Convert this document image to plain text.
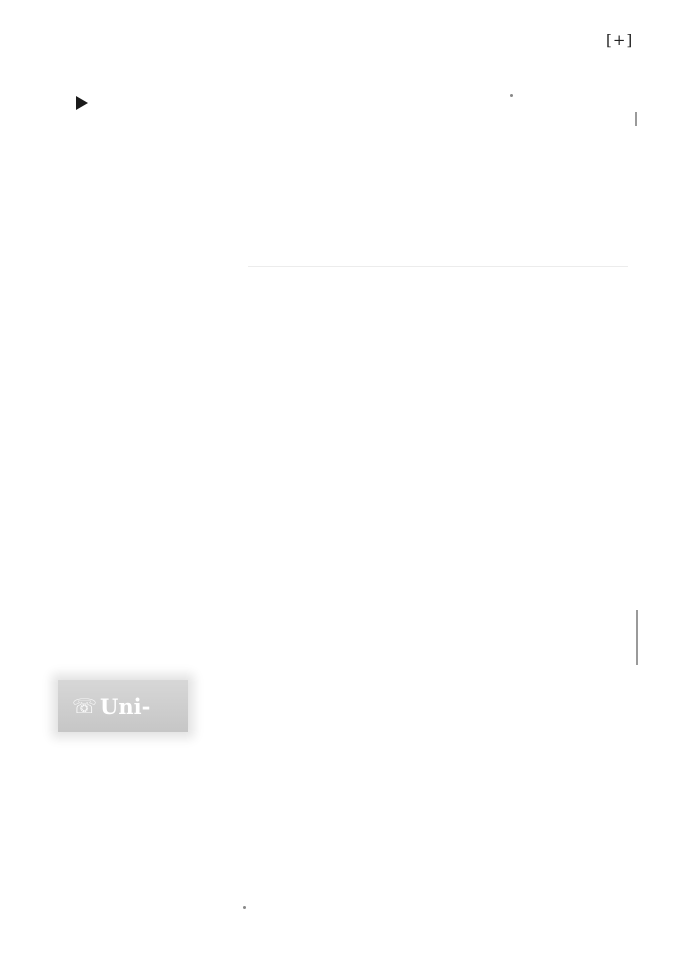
[+]
☏ Uni-
